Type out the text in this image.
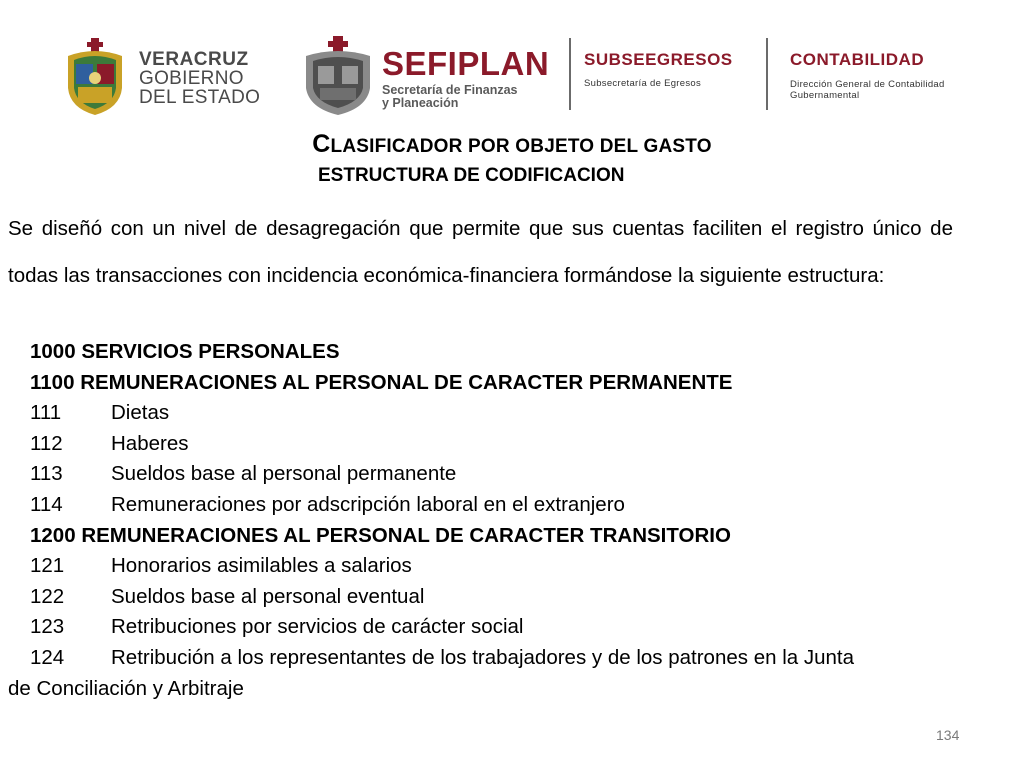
VERACRUZ
GOBIERNO
DEL ESTADO
SEFIPLAN
Secretaría de Finanzas
y Planeación
SUBSEEGRESOS
Subsecretaría de Egresos
CONTABILIDAD
Dirección General de Contabilidad
Gubernamental
CLASIFICADOR POR OBJETO DEL GASTO
ESTRUCTURA DE CODIFICACION
Se diseñó con un nivel de desagregación que permite que sus cuentas faciliten el registro único de todas las transacciones con incidencia económica-financiera formándose la siguiente estructura:
1000 SERVICIOS PERSONALES
1100 REMUNERACIONES AL PERSONAL DE CARACTER PERMANENTE
111 Dietas
112 Haberes
113 Sueldos base al personal permanente
114 Remuneraciones por adscripción laboral en el extranjero
1200 REMUNERACIONES AL PERSONAL DE CARACTER TRANSITORIO
121 Honorarios asimilables a salarios
122 Sueldos base al personal eventual
123 Retribuciones por servicios de carácter social
124 Retribución a los representantes de los trabajadores y de los patrones en la Junta
de Conciliación y Arbitraje
134
